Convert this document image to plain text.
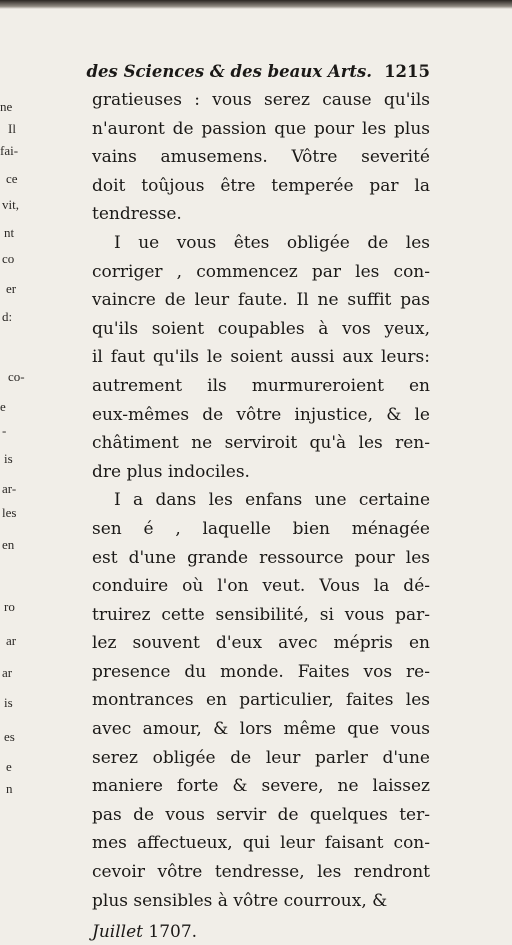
ne
Il
fai-
ce
vit,
nt
co
er
d:
co-
e
-
is
ar-
les
en
ro
ar
ar
is
es
e
n
des Sciences & des beaux Arts. 1215
gratieuses : vous serez cause qu'ils
n'auront de passion que pour les plus
vains amusemens. Vôtre severité
doit toûjous être temperée par la
tendresse.
I ue vous êtes obligée de les
corriger , commencez par les con-
vaincre de leur faute. Il ne suffit pas
qu'ils soient coupables à vos yeux,
il faut qu'ils le soient aussi aux leurs:
autrement ils murmureroient en
eux-mêmes de vôtre injustice, & le
châtiment ne serviroit qu'à les ren-
dre plus indociles.
I a dans les enfans une certaine
sen é , laquelle bien ménagée
est d'une grande ressource pour les
conduire où l'on veut. Vous la dé-
truirez cette sensibilité, si vous par-
lez souvent d'eux avec mépris en
presence du monde. Faites vos re-
montrances en particulier, faites les
avec amour, & lors même que vous
serez obligée de leur parler d'une
maniere forte & severe, ne laissez
pas de vous servir de quelques ter-
mes affectueux, qui leur faisant con-
cevoir vôtre tendresse, les rendront
plus sensibles à vôtre courroux, &
Juillet 1707.
